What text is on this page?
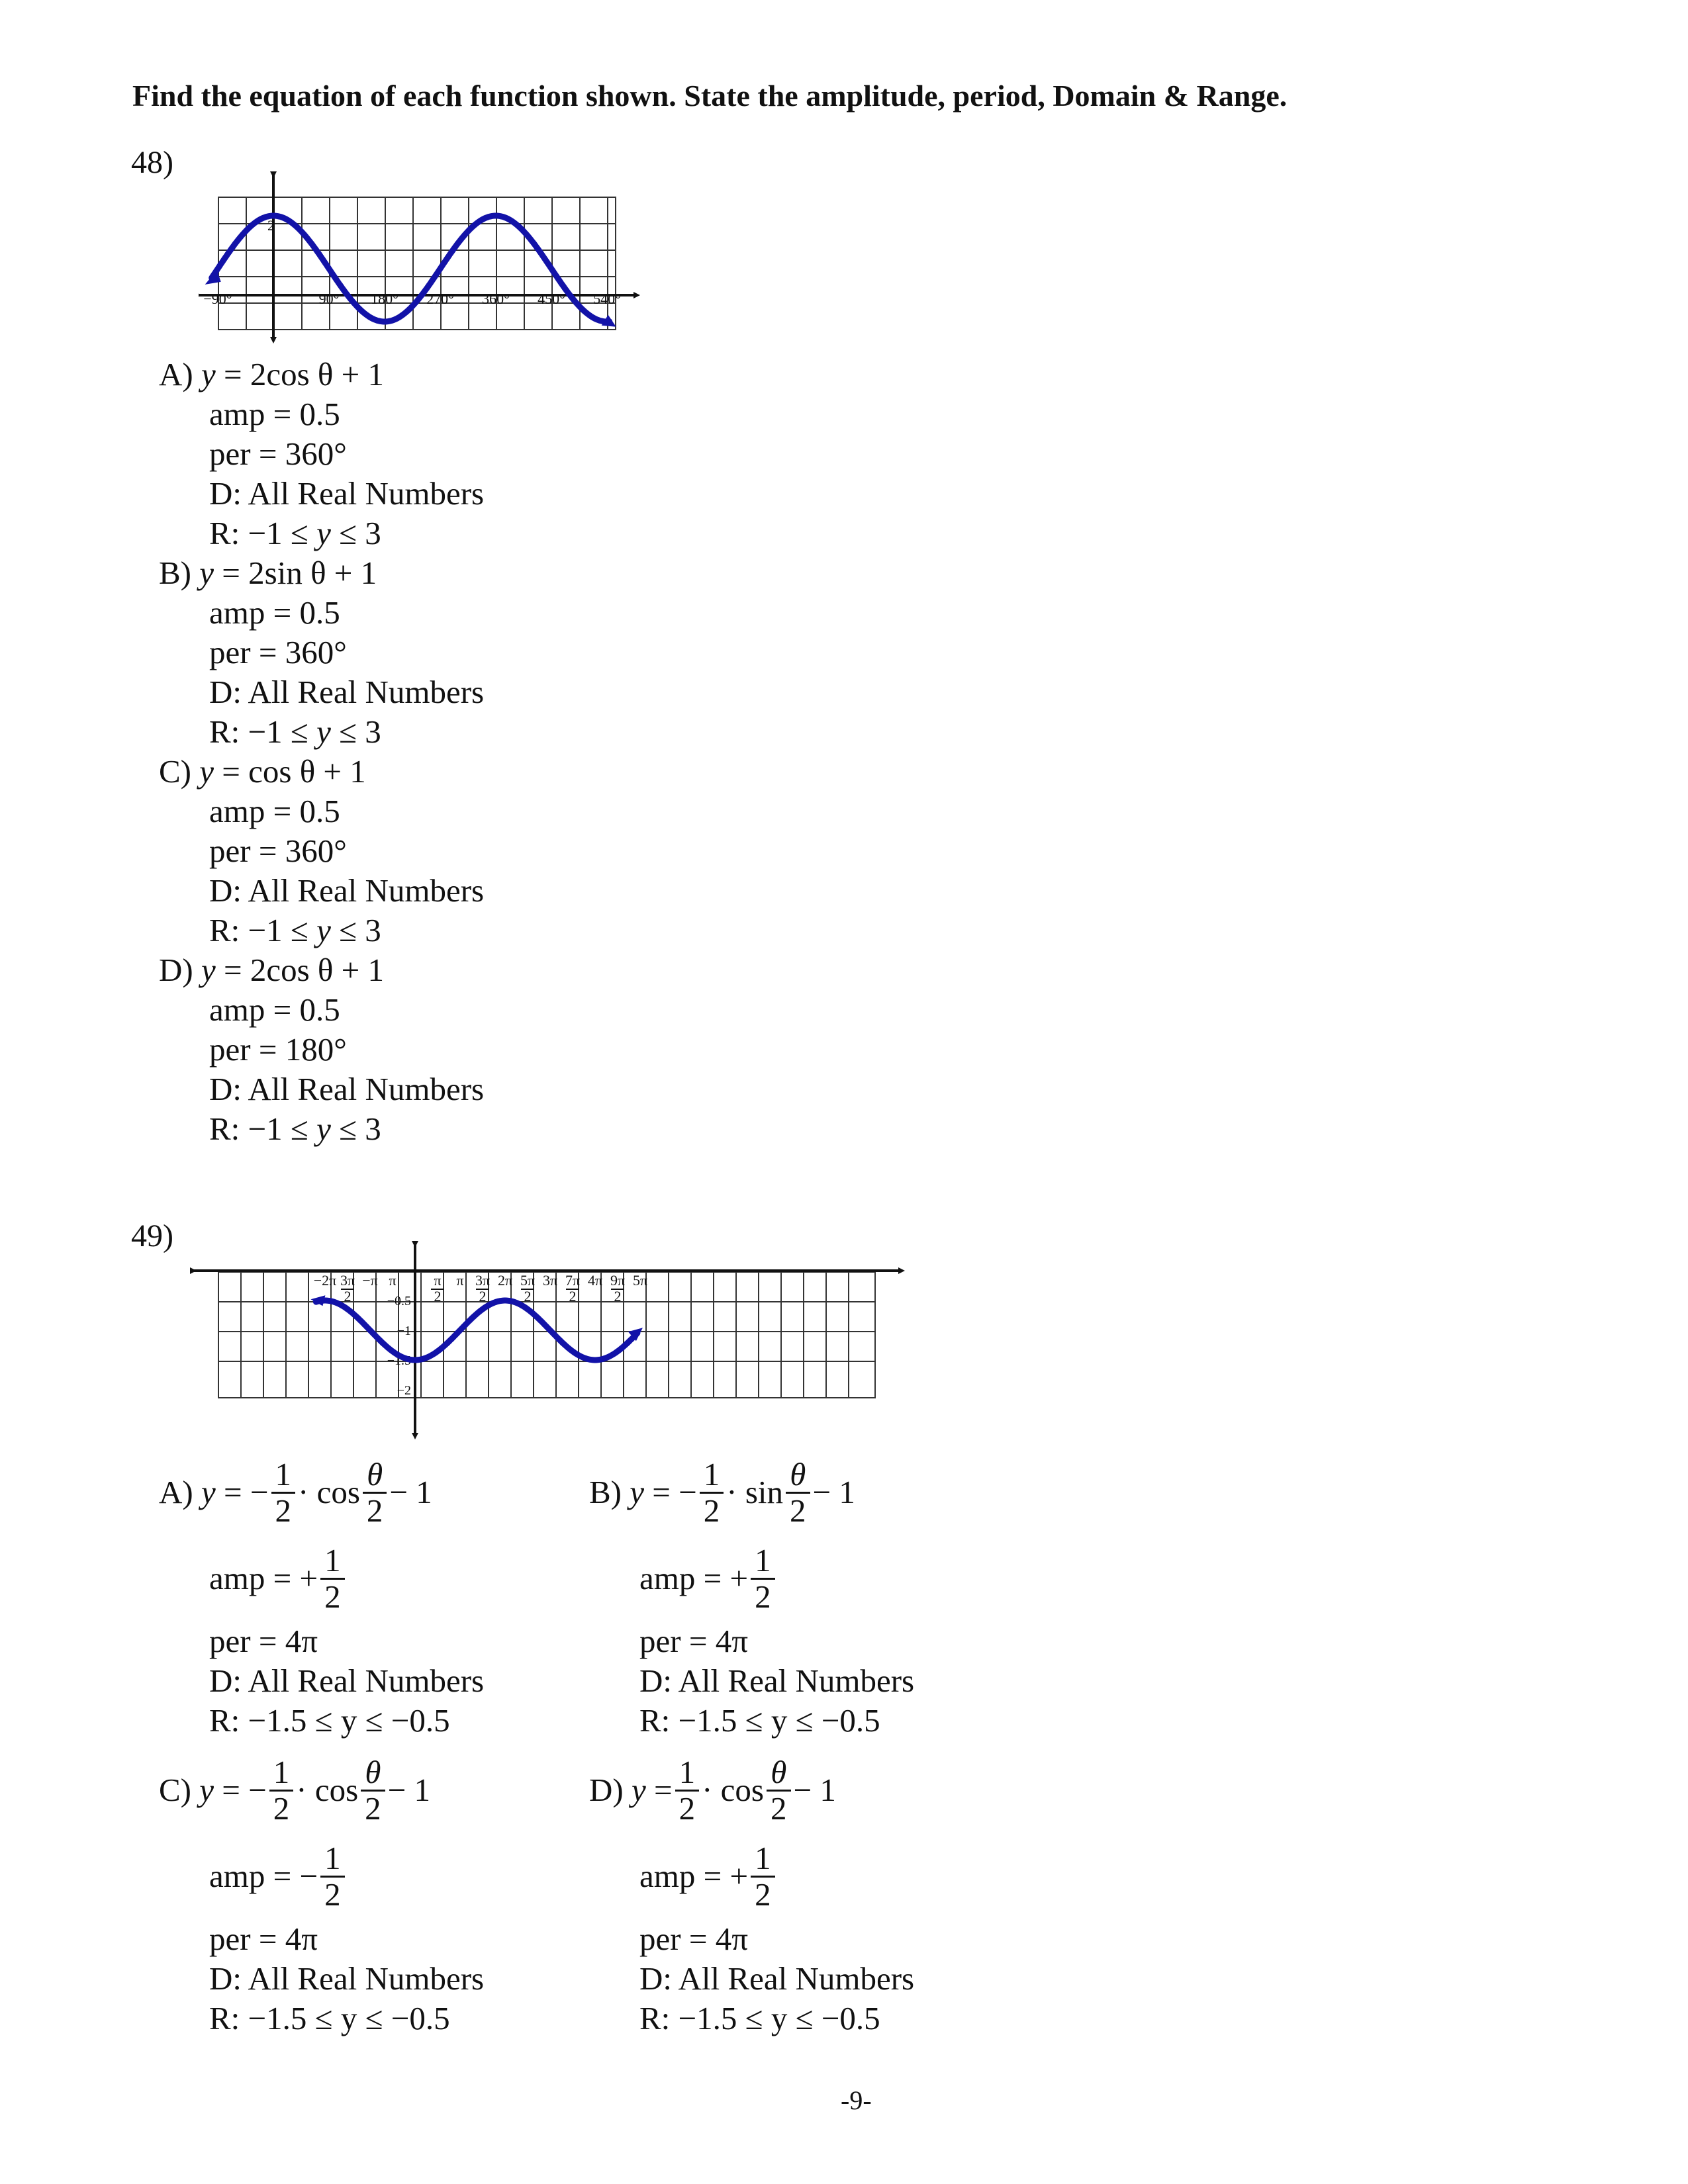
Find the equation of each function shown. State the amplitude, period, Domain & Range.
48)
−90°	90° 180° 270° 360° 450° 540°
2
A) y = 2cos θ + 1
amp = 0.5
per = 360°
D: All Real Numbers
R: −1 ≤ y ≤ 3
B) y = 2sin θ + 1
amp = 0.5
per = 360°
D: All Real Numbers
R: −1 ≤ y ≤ 3
C) y = cos θ + 1
amp = 0.5
per = 360°
D: All Real Numbers
R: −1 ≤ y ≤ 3
D) y = 2cos θ + 1
amp = 0.5
per = 180°
D: All Real Numbers
R: −1 ≤ y ≤ 3
49)
−2π 3π
2
−π π	π
2
π 3π
2
2π 5π
2
3π 7π
2
4π 9π
2
5π
−0.5
−1
−1.5
−2
A)
y = − $\frac{1}{2} \cdot \cos \frac{\theta}{2} - 1$
amp = + $\frac{1}{2}$
per = 4π
D: All Real Numbers
R: −1.5 ≤ y ≤ −0.5
B)
y = − $\frac{1}{2} \cdot \sin \frac{\theta}{2} - 1$
amp = + $\frac{1}{2}$
per = 4π
D: All Real Numbers
R: −1.5 ≤ y ≤ −0.5
C)
y = − $\frac{1}{2} \cdot \cos \frac{\theta}{2} - 1$
amp = − $\frac{1}{2}$
per = 4π
D: All Real Numbers
R: −1.5 ≤ y ≤ −0.5
D)
$y = \frac{1}{2} \cdot \cos \frac{\theta}{2} - 1$
amp = + $\frac{1}{2}$
per = 4π
D: All Real Numbers
R: −1.5 ≤ y ≤ −0.5
-9-
